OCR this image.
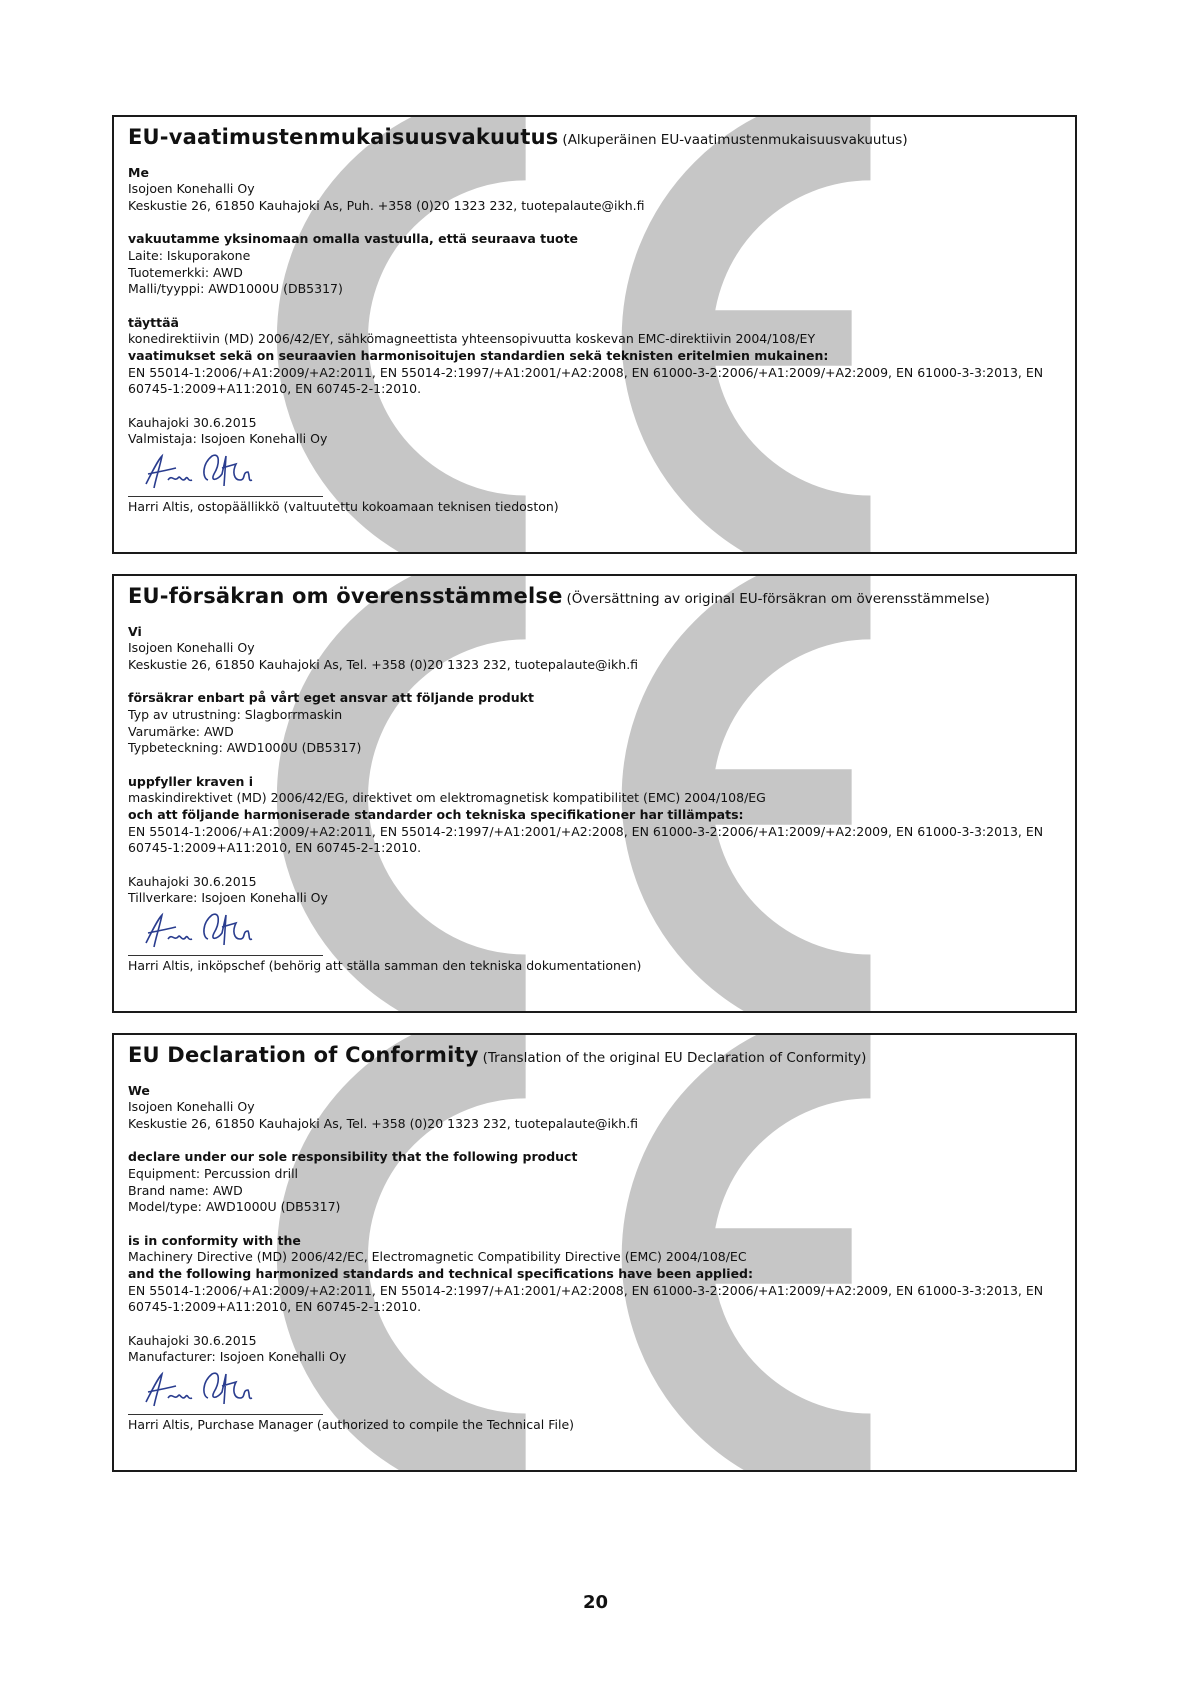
EU-vaatimustenmukaisuusvakuutus (Alkuperäinen EU-vaatimustenmukaisuusvakuutus)
Me
Isojoen Konehalli Oy
Keskustie 26, 61850 Kauhajoki As, Puh. +358 (0)20 1323 232, tuotepalaute@ikh.fi
vakuutamme yksinomaan omalla vastuulla, että seuraava tuote
Laite: Iskuporakone
Tuotemerkki: AWD
Malli/tyyppi: AWD1000U (DB5317)
täyttää
konedirektiivin (MD) 2006/42/EY, sähkömagneettista yhteensopivuutta koskevan EMC-direktiivin 2004/108/EY
vaatimukset sekä on seuraavien harmonisoitujen standardien sekä teknisten eritelmien mukainen:
EN 55014-1:2006/+A1:2009/+A2:2011, EN 55014-2:1997/+A1:2001/+A2:2008, EN 61000-3-2:2006/+A1:2009/+A2:2009, EN 61000-3-3:2013, EN 60745-1:2009+A11:2010, EN 60745-2-1:2010.
Kauhajoki 30.6.2015
Valmistaja: Isojoen Konehalli Oy
Harri Altis, ostopäällikkö (valtuutettu kokoamaan teknisen tiedoston)
EU-försäkran om överensstämmelse (Översättning av original EU-försäkran om överensstämmelse)
Vi
Isojoen Konehalli Oy
Keskustie 26, 61850 Kauhajoki As, Tel. +358 (0)20 1323 232, tuotepalaute@ikh.fi
försäkrar enbart på vårt eget ansvar att följande produkt
Typ av utrustning: Slagborrmaskin
Varumärke: AWD
Typbeteckning: AWD1000U (DB5317)
uppfyller kraven i
maskindirektivet (MD) 2006/42/EG, direktivet om elektromagnetisk kompatibilitet (EMC) 2004/108/EG
och att följande harmoniserade standarder och tekniska specifikationer har tillämpats:
EN 55014-1:2006/+A1:2009/+A2:2011, EN 55014-2:1997/+A1:2001/+A2:2008, EN 61000-3-2:2006/+A1:2009/+A2:2009, EN 61000-3-3:2013, EN 60745-1:2009+A11:2010, EN 60745-2-1:2010.
Kauhajoki 30.6.2015
Tillverkare: Isojoen Konehalli Oy
Harri Altis, inköpschef (behörig att ställa samman den tekniska dokumentationen)
EU Declaration of Conformity (Translation of the original EU Declaration of Conformity)
We
Isojoen Konehalli Oy
Keskustie 26, 61850 Kauhajoki As, Tel. +358 (0)20 1323 232, tuotepalaute@ikh.fi
declare under our sole responsibility that the following product
Equipment: Percussion drill
Brand name: AWD
Model/type: AWD1000U (DB5317)
is in conformity with the
Machinery Directive (MD) 2006/42/EC, Electromagnetic Compatibility Directive (EMC) 2004/108/EC
and the following harmonized standards and technical specifications have been applied:
EN 55014-1:2006/+A1:2009/+A2:2011, EN 55014-2:1997/+A1:2001/+A2:2008, EN 61000-3-2:2006/+A1:2009/+A2:2009, EN 61000-3-3:2013, EN 60745-1:2009+A11:2010, EN 60745-2-1:2010.
Kauhajoki 30.6.2015
Manufacturer: Isojoen Konehalli Oy
Harri Altis, Purchase Manager (authorized to compile the Technical File)
20
